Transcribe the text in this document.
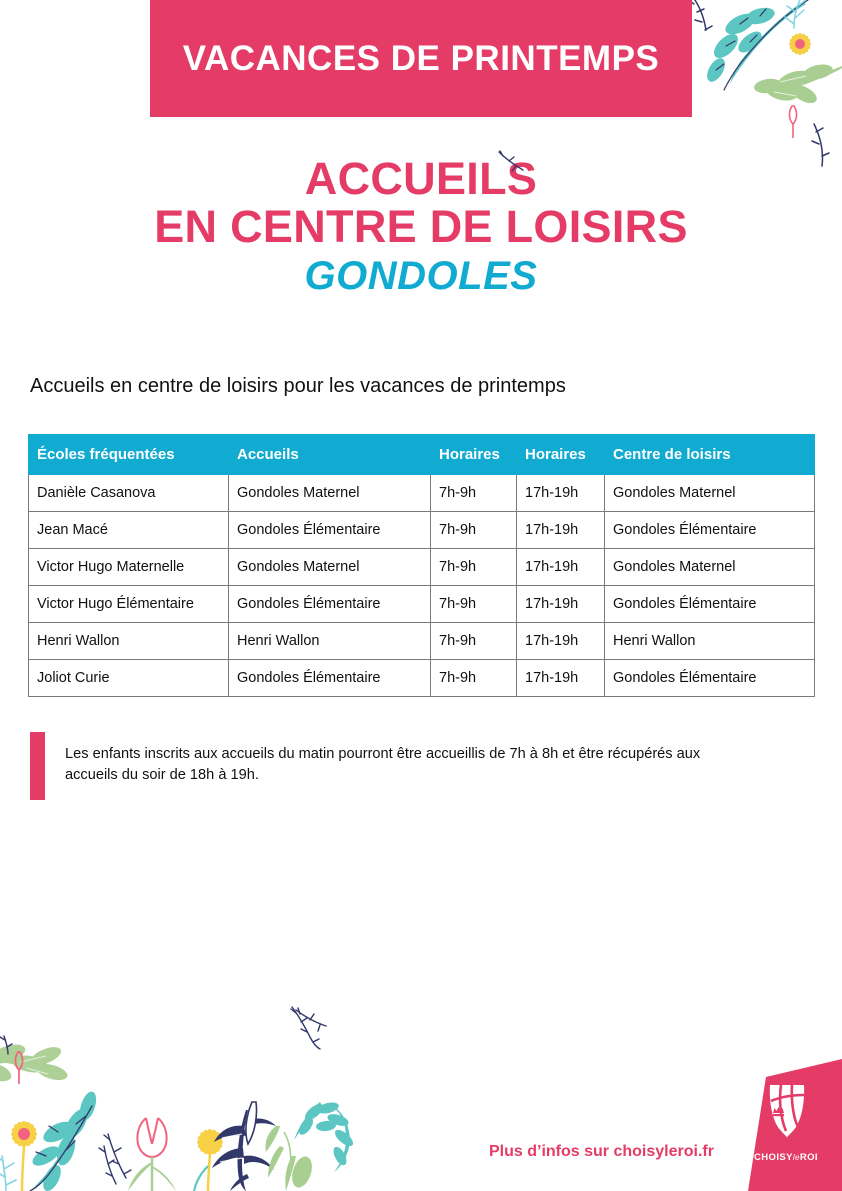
VACANCES DE PRINTEMPS
ACCUEILS
EN CENTRE DE LOISIRS
GONDOLES
Accueils en centre de loisirs pour les vacances de printemps
Écoles fréquentées	Accueils	Horaires	Horaires	Centre de loisirs
Danièle Casanova	Gondoles Maternel	7h-9h	17h-19h	Gondoles Maternel
Jean Macé	Gondoles Élémentaire	7h-9h	17h-19h	Gondoles Élémentaire
Victor Hugo Maternelle	Gondoles Maternel	7h-9h	17h-19h	Gondoles Maternel
Victor Hugo Élémentaire	Gondoles Élémentaire	7h-9h	17h-19h	Gondoles Élémentaire
Henri Wallon	Henri Wallon	7h-9h	17h-19h	Henri Wallon
Joliot Curie	Gondoles Élémentaire	7h-9h	17h-19h	Gondoles Élémentaire
Les enfants inscrits aux accueils du matin pourront être accueillis de 7h à 8h et être récupérés aux accueils du soir de 18h à 19h.
Plus d’infos sur choisyleroi.fr	CHOISYleROI
